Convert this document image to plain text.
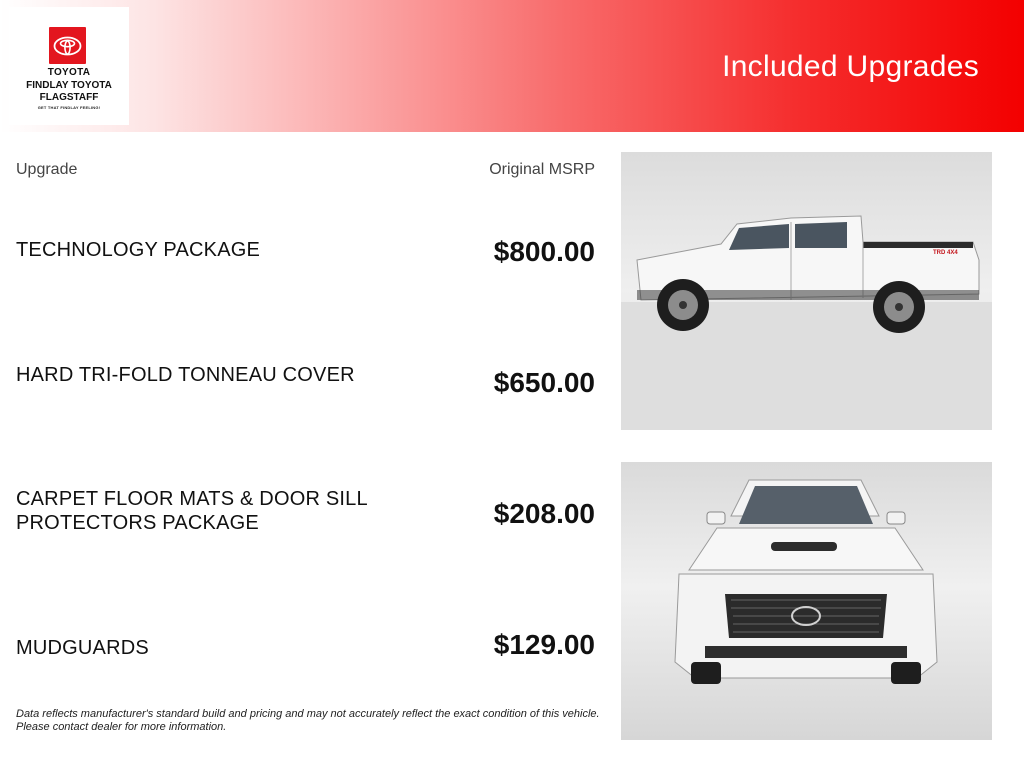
TOYOTA
FINDLAY TOYOTA
FLAGSTAFF
GET THAT FINDLAY FEELING!
Included Upgrades
Upgrade	Original MSRP
TECHNOLOGY PACKAGE	$800.00
HARD TRI-FOLD TONNEAU COVER	$650.00
CARPET FLOOR MATS & DOOR SILL
PROTECTORS PACKAGE	$208.00
MUDGUARDS	$129.00
TRD 4X4
Data reflects manufacturer's standard build and pricing and may not accurately reflect the exact condition of this vehicle.
Please contact dealer for more information.
